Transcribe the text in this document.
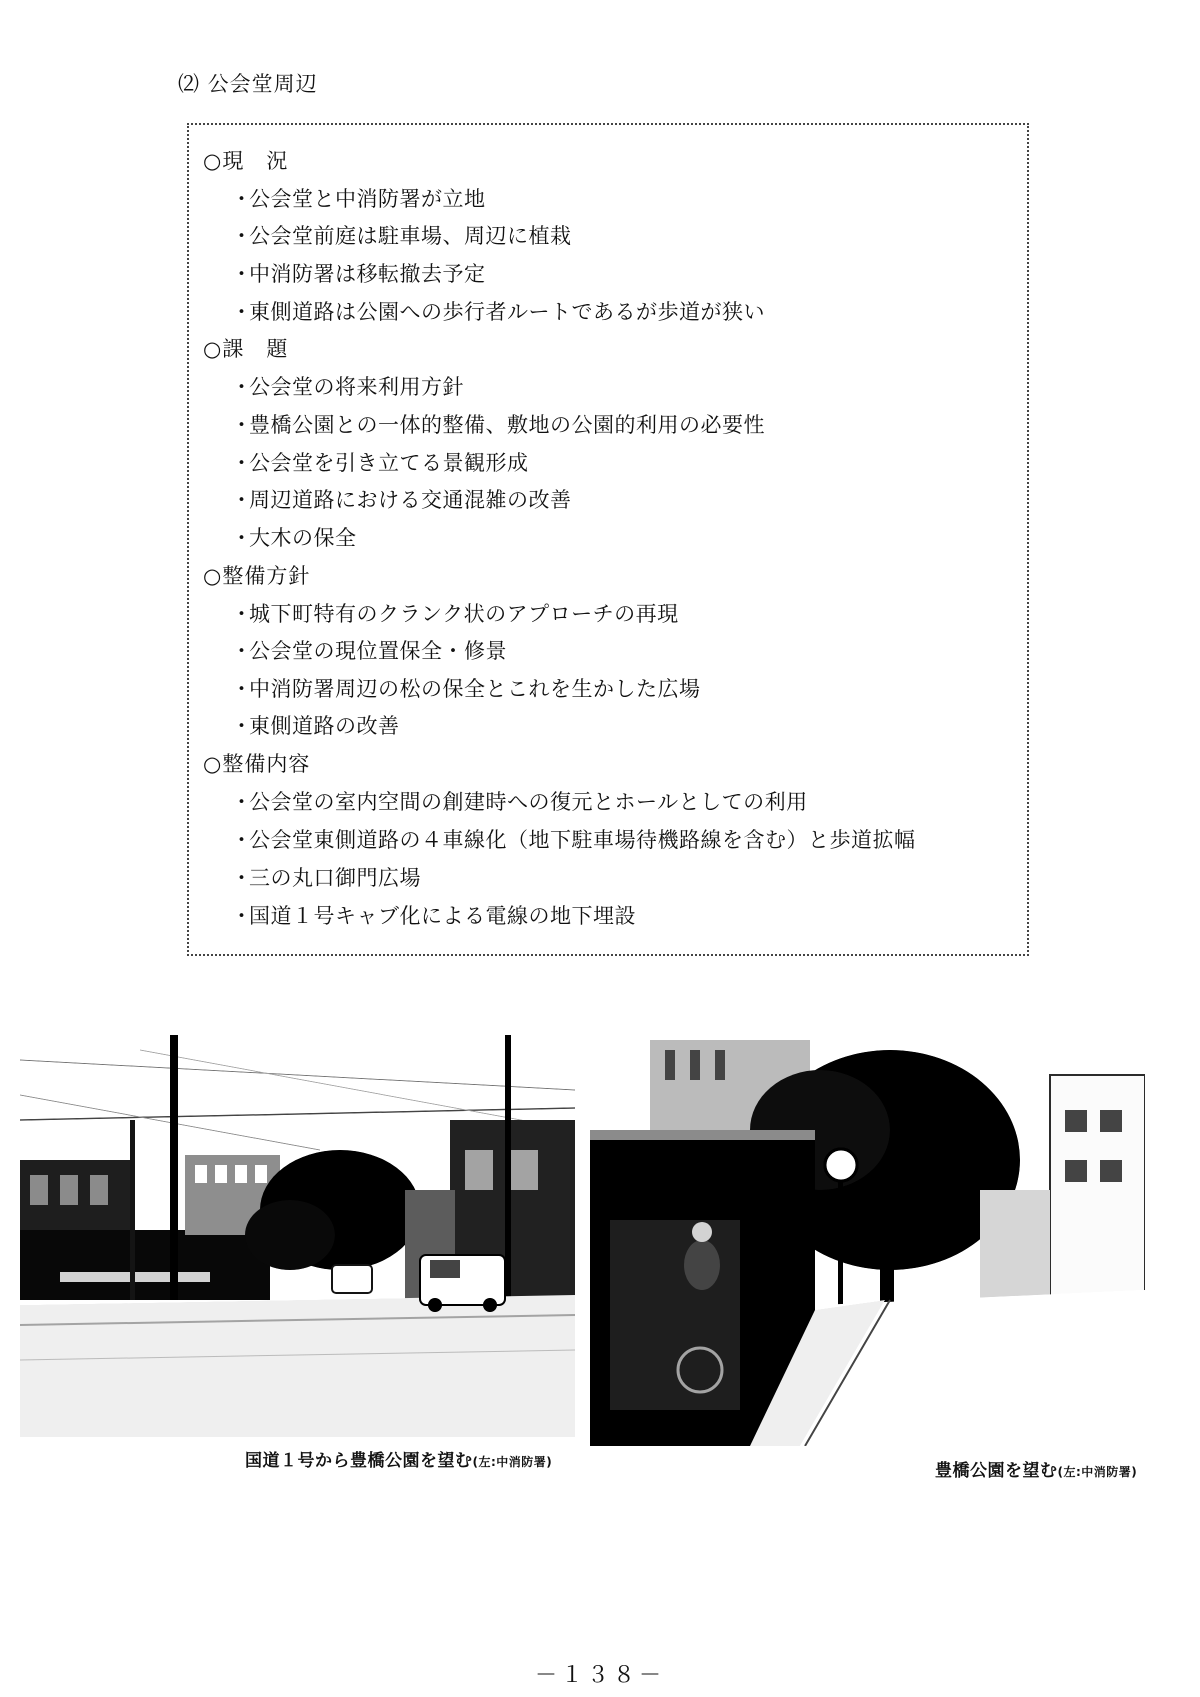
⑵ 公会堂周辺
○現　況
・公会堂と中消防署が立地
・公会堂前庭は駐車場、周辺に植栽
・中消防署は移転撤去予定
・東側道路は公園への歩行者ルートであるが歩道が狭い
○課　題
・公会堂の将来利用方針
・豊橋公園との一体的整備、敷地の公園的利用の必要性
・公会堂を引き立てる景観形成
・周辺道路における交通混雑の改善
・大木の保全
○整備方針
・城下町特有のクランク状のアプローチの再現
・公会堂の現位置保全・修景
・中消防署周辺の松の保全とこれを生かした広場
・東側道路の改善
○整備内容
・公会堂の室内空間の創建時への復元とホールとしての利用
・公会堂東側道路の４車線化（地下駐車場待機路線を含む）と歩道拡幅
・三の丸口御門広場
・国道１号キャブ化による電線の地下埋設
国道１号から豊橋公園を望む(左:中消防署)	豊橋公園を望む(左:中消防署)
－１３８－
